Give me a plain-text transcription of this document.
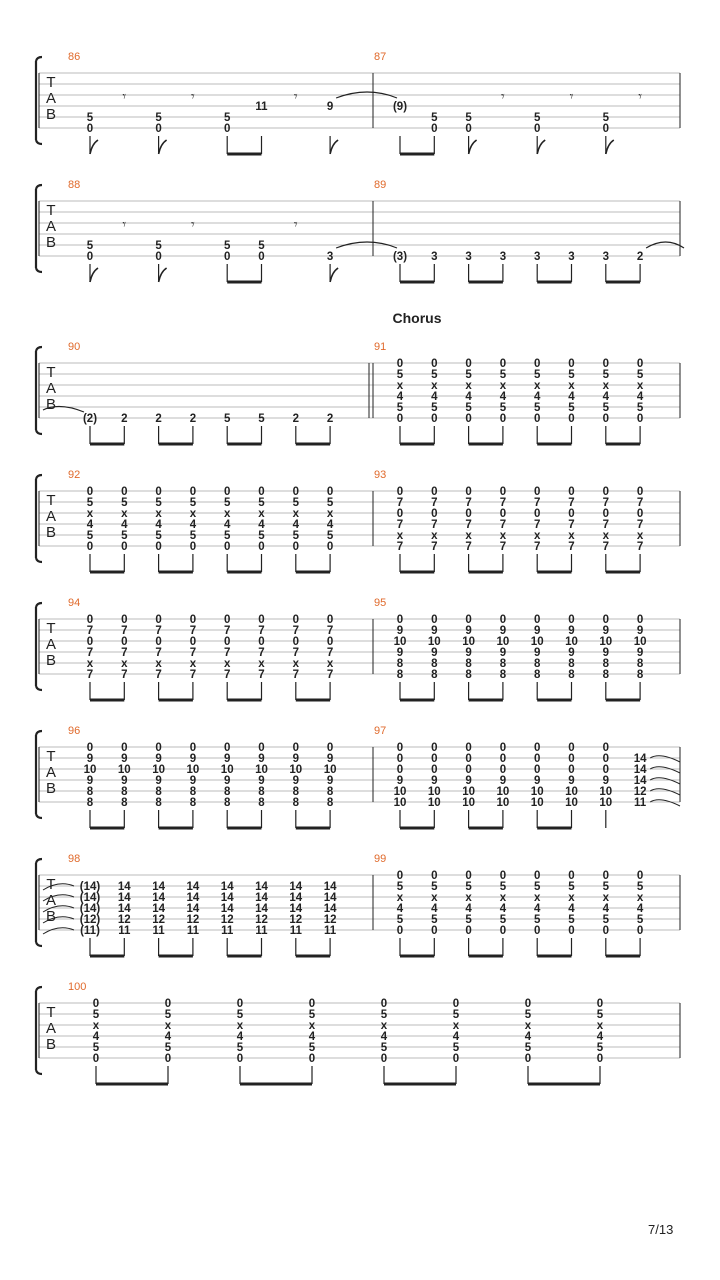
T
A
B
86
5
0
𝄾
5
0
𝄾
5
0
11
𝄾
9
87
(9)
5
0
5
0
𝄾
5
0
𝄾
5
0
𝄾
T
A
B
88
5
0
𝄾
5
0
𝄾
5
0
5
0
𝄾
3
89
(3) 3 3 3 3 3 3 2
T
A
B
Chorus
90
(2) 2 2 2 5 5 2 2
91
0
5
x
4
5
0
0
5
x
4
5
0
0
5
x
4
5
0
0
5
x
4
5
0
0
5
x
4
5
0
0
5
x
4
5
0
0
5
x
4
5
0
0
5
x
4
5
0
T
A
B
92
0
5
x
4
5
0
0
5
x
4
5
0
0
5
x
4
5
0
0
5
x
4
5
0
0
5
x
4
5
0
0
5
x
4
5
0
0
5
x
4
5
0
0
5
x
4
5
0
93
0
7
0
7
x
7
0
7
0
7
x
7
0
7
0
7
x
7
0
7
0
7
x
7
0
7
0
7
x
7
0
7
0
7
x
7
0
7
0
7
x
7
0
7
0
7
x
7
T
A
B
94
0
7
0
7
x
7
0
7
0
7
x
7
0
7
0
7
x
7
0
7
0
7
x
7
0
7
0
7
x
7
0
7
0
7
x
7
0
7
0
7
x
7
0
7
0
7
x
7
95
0
9
10
9
8
8
0
9
10
9
8
8
0
9
10
9
8
8
0
9
10
9
8
8
0
9
10
9
8
8
0
9
10
9
8
8
0
9
10
9
8
8
0
9
10
9
8
8
T
A
B
96
0
9
10
9
8
8
0
9
10
9
8
8
0
9
10
9
8
8
0
9
10
9
8
8
0
9
10
9
8
8
0
9
10
9
8
8
0
9
10
9
8
8
0
9
10
9
8
8
97
0
0
0
9
10
10
0
0
0
9
10
10
0
0
0
9
10
10
0
0
0
9
10
10
0
0
0
9
10
10
0
0
0
9
10
10
0
0
0
9
10
10
14
14
14
12
11
T
A
B
98
(14)
(14)
(14)
(12)
(11)
14
14
14
12
11
14
14
14
12
11
14
14
14
12
11
14
14
14
12
11
14
14
14
12
11
14
14
14
12
11
14
14
14
12
11
99
0
5
x
4
5
0
0
5
x
4
5
0
0
5
x
4
5
0
0
5
x
4
5
0
0
5
x
4
5
0
0
5
x
4
5
0
0
5
x
4
5
0
0
5
x
4
5
0
T
A
B
100
0
5
x
4
5
0
0
5
x
4
5
0
0
5
x
4
5
0
0
5
x
4
5
0
0
5
x
4
5
0
0
5
x
4
5
0
0
5
x
4
5
0
0
5
x
4
5
0
7/13
